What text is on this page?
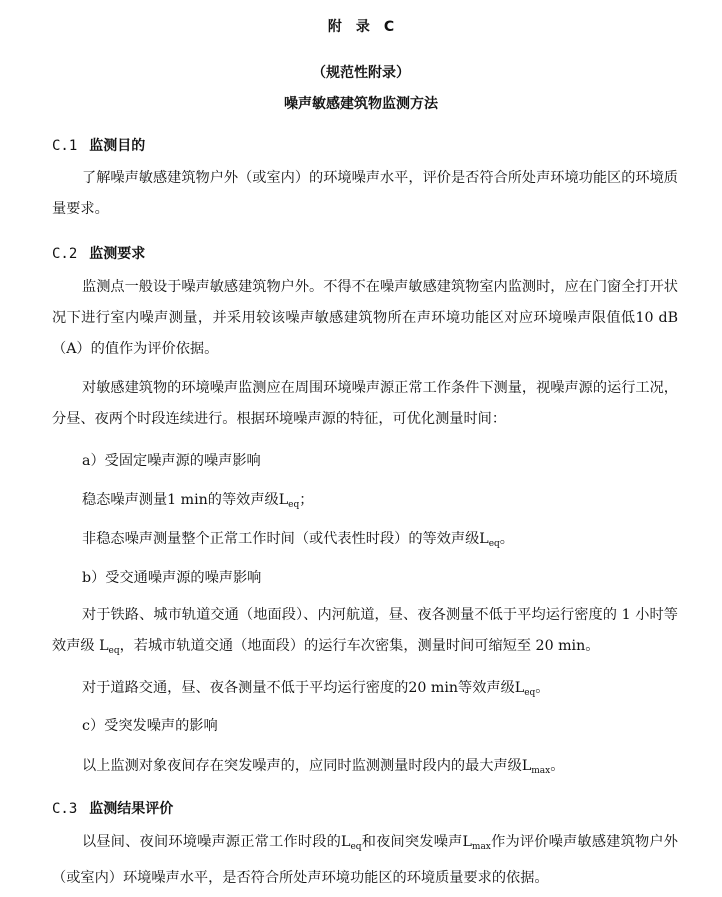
附　录　C
（规范性附录）
噪声敏感建筑物监测方法
C.1 监测目的
了解噪声敏感建筑物户外（或室内）的环境噪声水平，评价是否符合所处声环境功能区的环境质量要求。
C.2 监测要求
监测点一般设于噪声敏感建筑物户外。不得不在噪声敏感建筑物室内监测时，应在门窗全打开状况下进行室内噪声测量，并采用较该噪声敏感建筑物所在声环境功能区对应环境噪声限值低10 dB（A）的值作为评价依据。
对敏感建筑物的环境噪声监测应在周围环境噪声源正常工作条件下测量，视噪声源的运行工况，分昼、夜两个时段连续进行。根据环境噪声源的特征，可优化测量时间：
a）受固定噪声源的噪声影响
稳态噪声测量1 min的等效声级$L_{eq}$；
非稳态噪声测量整个正常工作时间（或代表性时段）的等效声级$L_{eq}$。
b）受交通噪声源的噪声影响
对于铁路、城市轨道交通（地面段）、内河航道，昼、夜各测量不低于平均运行密度的 1 小时等效声级 $L_{eq}$，若城市轨道交通（地面段）的运行车次密集，测量时间可缩短至 20 min。
对于道路交通，昼、夜各测量不低于平均运行密度的20 min等效声级$L_{eq}$。
c）受突发噪声的影响
以上监测对象夜间存在突发噪声的，应同时监测测量时段内的最大声级$L_{max}$。
C.3 监测结果评价
以昼间、夜间环境噪声源正常工作时段的$L_{eq}$和夜间突发噪声$L_{max}$作为评价噪声敏感建筑物户外（或室内）环境噪声水平，是否符合所处声环境功能区的环境质量要求的依据。
